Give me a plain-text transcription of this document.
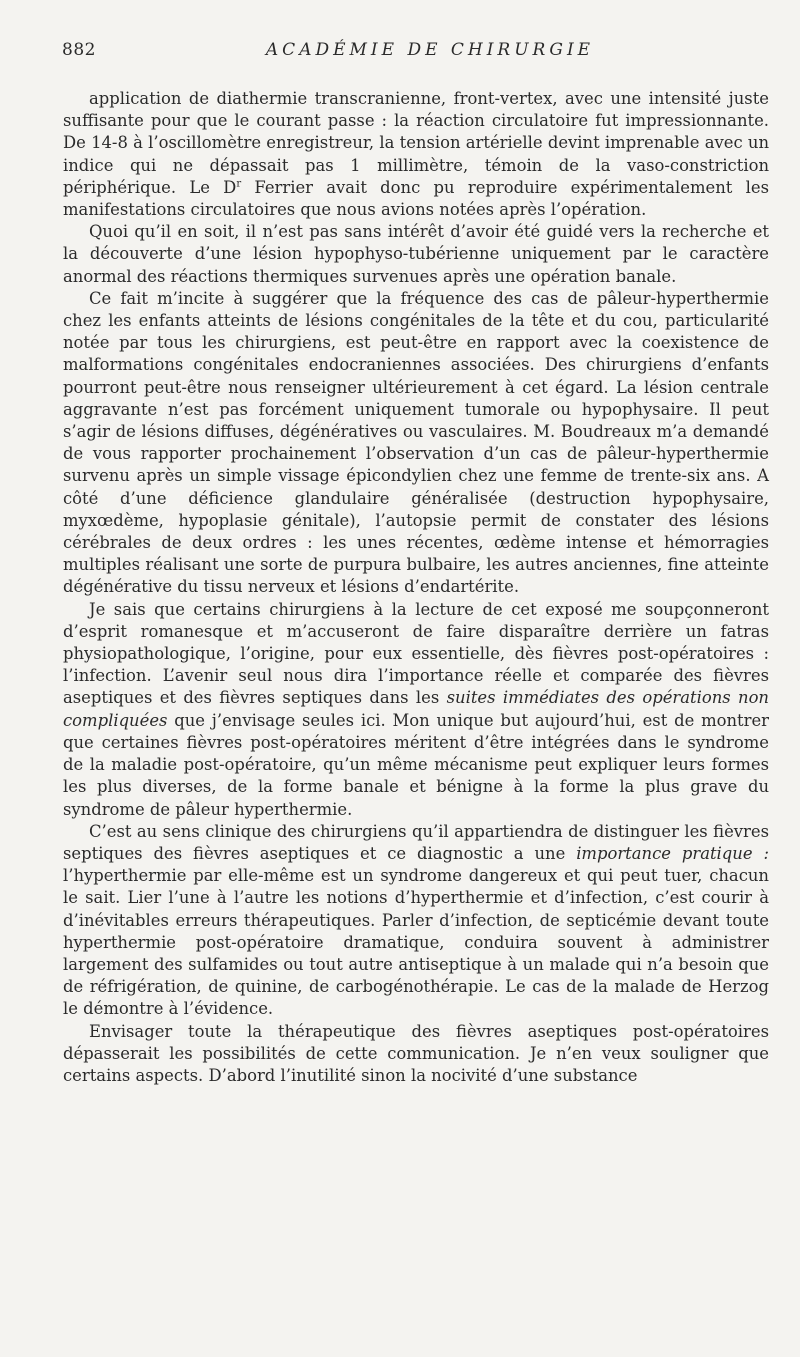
882	ACADÉMIE DE CHIRURGIE

application de diathermie transcranienne, front-vertex, avec une intensité juste suffisante pour que le courant passe : la réaction circulatoire fut impressionnante. De 14-8 à l’oscillomètre enregistreur, la tension artérielle devint imprenable avec un indice qui ne dépassait pas 1 millimètre, témoin de la vaso-constriction périphérique. Le $D^r$ Ferrier avait donc pu reproduire expérimentalement les manifestations circulatoires que nous avions notées après l’opération.

Quoi qu’il en soit, il n’est pas sans intérêt d’avoir été guidé vers la recherche et la découverte d’une lésion hypophyso-tubérienne uniquement par le caractère anormal des réactions thermiques survenues après une opération banale.

Ce fait m’incite à suggérer que la fréquence des cas de pâleur-hyperthermie chez les enfants atteints de lésions congénitales de la tête et du cou, particularité notée par tous les chirurgiens, est peut-être en rapport avec la coexistence de malformations congénitales endocraniennes associées. Des chirurgiens d’enfants pourront peut-être nous renseigner ultérieurement à cet égard. La lésion centrale aggravante n’est pas forcément uniquement tumorale ou hypophysaire. Il peut s’agir de lésions diffuses, dégénératives ou vasculaires. M. Boudreaux m’a demandé de vous rapporter prochainement l’observation d’un cas de pâleur-hyperthermie survenu après un simple vissage épicondylien chez une femme de trente-six ans. A côté d’une déficience glandulaire généralisée (destruction hypophysaire, myxœdème, hypoplasie génitale), l’autopsie permit de constater des lésions cérébrales de deux ordres : les unes récentes, œdème intense et hémorragies multiples réalisant une sorte de purpura bulbaire, les autres anciennes, fine atteinte dégénérative du tissu nerveux et lésions d’endartérite.

Je sais que certains chirurgiens à la lecture de cet exposé me soupçonneront d’esprit romanesque et m’accuseront de faire disparaître derrière un fatras physiopathologique, l’origine, pour eux essentielle, dès fièvres post-opératoires : l’infection. L’avenir seul nous dira l’importance réelle et comparée des fièvres aseptiques et des fièvres septiques dans les suites immédiates des opérations non compliquées que j’envisage seules ici. Mon unique but aujourd’hui, est de montrer que certaines fièvres post-opératoires méritent d’être intégrées dans le syndrome de la maladie post-opératoire, qu’un même mécanisme peut expliquer leurs formes les plus diverses, de la forme banale et bénigne à la forme la plus grave du syndrome de pâleur hyperthermie.

C’est au sens clinique des chirurgiens qu’il appartiendra de distinguer les fièvres septiques des fièvres aseptiques et ce diagnostic a une importance pratique : l’hyperthermie par elle-même est un syndrome dangereux et qui peut tuer, chacun le sait. Lier l’une à l’autre les notions d’hyperthermie et d’infection, c’est courir à d’inévitables erreurs thérapeutiques. Parler d’infection, de septicémie devant toute hyperthermie post-opératoire dramatique, conduira souvent à administrer largement des sulfamides ou tout autre antiseptique à un malade qui n’a besoin que de réfrigération, de quinine, de carbogénothérapie. Le cas de la malade de Herzog le démontre à l’évidence.

Envisager toute la thérapeutique des fièvres aseptiques post-opératoires dépasserait les possibilités de cette communication. Je n’en veux souligner que certains aspects. D’abord l’inutilité sinon la nocivité d’une substance
